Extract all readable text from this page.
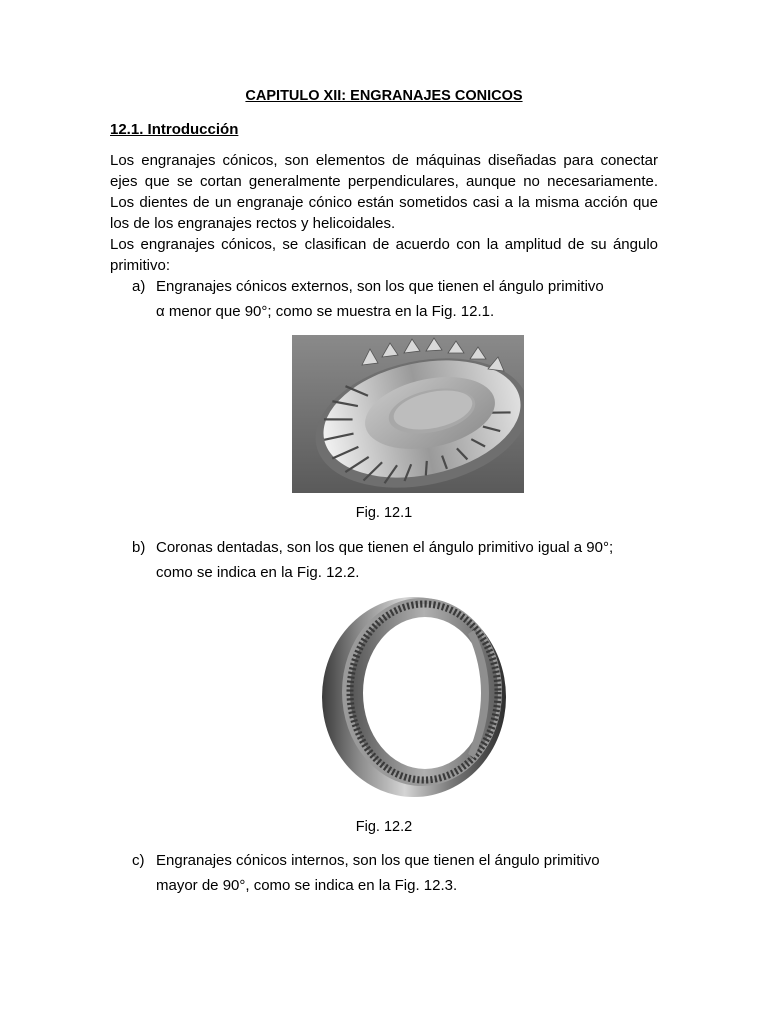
CAPITULO XII: ENGRANAJES CONICOS
12.1. Introducción
Los engranajes cónicos, son elementos de máquinas diseñadas para conectar ejes que se cortan generalmente perpendiculares, aunque no necesariamente. Los dientes de un engranaje cónico están sometidos casi a la misma acción que los de los engranajes rectos y helicoidales.
Los engranajes cónicos, se clasifican de acuerdo con la amplitud de su ángulo primitivo:
a) Engranajes cónicos externos, son los que tienen el ángulo primitivo
α menor que 90°; como se muestra en la Fig. 12.1.
Fig. 12.1
b) Coronas dentadas, son los que tienen el ángulo primitivo igual a 90°;
como se indica en la Fig. 12.2.
Fig. 12.2
c) Engranajes cónicos internos, son los que tienen el ángulo primitivo
mayor de 90°, como se indica en la Fig. 12.3.
